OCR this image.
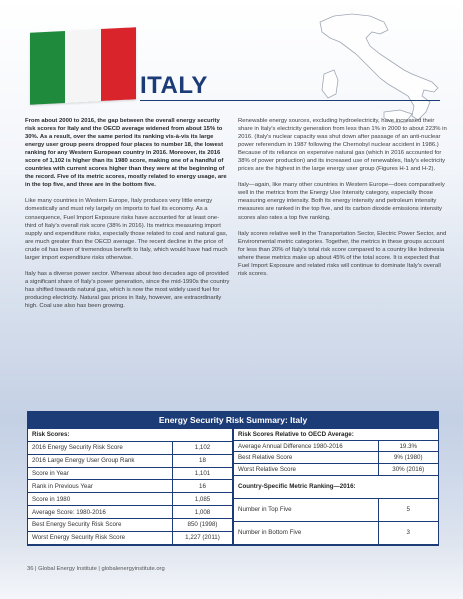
ITALY

From about 2000 to 2016, the gap between the overall energy security risk scores for Italy and the OECD average widened from about 15% to 30%. As a result, over the same period its ranking vis-à-vis its large energy user group peers dropped four places to number 18, the lowest ranking for any Western European country in 2016. Moreover, its 2016 score of 1,102 is higher than its 1980 score, making one of a handful of countries with current scores higher than they were at the beginning of the record. Five of its metric scores, mostly related to energy usage, are in the top five, and three are in the bottom five.

Like many countries in Western Europe, Italy produces very little energy domestically and must rely largely on imports to fuel its economy. As a consequence, Fuel Import Exposure risks have accounted for at least one-third of Italy's overall risk score (38% in 2016). Its metrics measuring import supply and expenditure risks, especially those related to coal and natural gas, are much greater than the OECD average. The recent decline in the price of crude oil has been of tremendous benefit to Italy, which would have had much larger import expenditure risks otherwise.

Italy has a diverse power sector. Whereas about two decades ago oil provided a significant share of Italy's power generation, since the mid-1990s the country has shifted towards natural gas, which is now the most widely used fuel for producing electricity. Natural gas prices in Italy, however, are extraordinarily high. Coal use also has been growing.

Renewable energy sources, excluding hydroelectricity, have increased their share in Italy's electricity generation from less than 1% in 2000 to about 223% in 2016. (Italy's nuclear capacity was shut down after passage of an anti-nuclear power referendum in 1987 following the Chernobyl nuclear accident in 1986.) Because of its reliance on expensive natural gas (which in 2016 accounted for 38% of power production) and its increased use of renewables, Italy's electricity prices are the highest in the large energy user group (Figures H-1 and H-2).

Italy—again, like many other countries in Western Europe—does comparatively well in the metrics from the Energy Use Intensity category, especially those measuring energy intensity. Both its energy intensity and petroleum intensity measures are ranked in the top five, and its carbon dioxide emissions intensity scores also rates a top five ranking.

Italy scores relative well in the Transportation Sector, Electric Power Sector, and Environmental metric categories. Together, the metrics in these groups account for less than 20% of Italy's total risk score compared to a country like Indonesia where these metrics make up about 45% of the total score. It is expected that Fuel Import Exposure and related risks will continue to dominate Italy's overall risk scores.

Energy Security Risk Summary: Italy
Risk Scores:	
2016 Energy Security Risk Score	1,102
2016 Large Energy User Group Rank	18
Score in Year	1,101
Rank in Previous Year	16
Score in 1980	1,085
Average Score: 1980-2016	1,008
Best Energy Security Risk Score	850 (1998)
Worst Energy Security Risk Score	1,227 (2011)
Risk Scores Relative to OECD Average:	
Average Annual Difference 1980-2016	19.3%
Best Relative Score	9% (1980)
Worst Relative Score	30% (2016)
Country-Specific Metric Ranking—2016:	
Number in Top Five	5
Number in Bottom Five	3
36 | Global Energy Institute | globalenergyinstitute.org
